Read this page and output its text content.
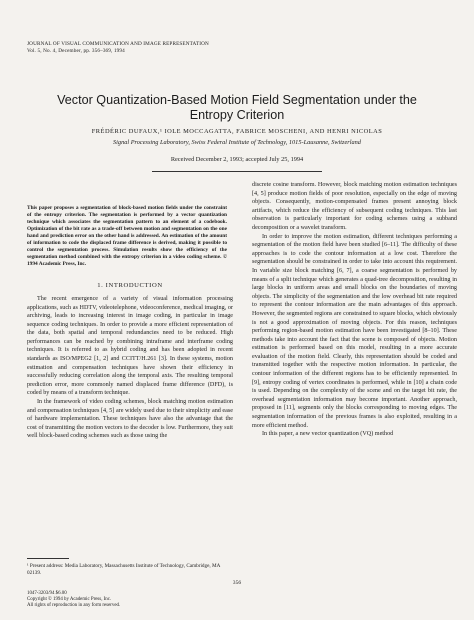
JOURNAL OF VISUAL COMMUNICATION AND IMAGE REPRESENTATION
Vol. 5, No. 4, December, pp. 356–369, 1994
Vector Quantization-Based Motion Field Segmentation under the
Entropy Criterion
FRÉDÉRIC DUFAUX,¹ IOLE MOCCAGATTA, FABRICE MOSCHENI, AND HENRI NICOLAS
Signal Processing Laboratory, Swiss Federal Institute of Technology, 1015-Lausanne, Switzerland
Received December 2, 1993; accepted July 25, 1994
This paper proposes a segmentation of block-based motion fields under the constraint of the entropy criterion. The segmentation is performed by a vector quantization technique which associates the segmentation pattern to an element of a codebook. Optimization of the bit rate as a trade-off between motion and segmentation on the one hand and prediction error on the other hand is addressed. An estimation of the amount of information to code the displaced frame difference is derived, making it possible to control the segmentation process. Simulation results show the efficiency of the segmentation method combined with the entropy criterion in a video coding scheme. © 1994 Academic Press, Inc.
1. INTRODUCTION

The recent emergence of a variety of visual information processing applications, such as HDTV, videotelephone, videoconference, medical imaging, or archiving, leads to increasing interest in image coding, in particular in image sequence coding techniques. In order to provide a more efficient representation of the data, both spatial and temporal redundancies need to be reduced. High performances can be reached by combining intraframe and interframe coding techniques. It is referred to as hybrid coding and has been adopted in recent standards as ISO/MPEG2 [1, 2] and CCITT/H.261 [3]. In these systems, motion estimation and compensation techniques have shown their efficiency in successfully reducing correlation along the temporal axis. The resulting temporal prediction error, more commonly named displaced frame difference (DFD), is coded by means of a transform technique.

In the framework of video coding schemes, block matching motion estimation and compensation techniques [4, 5] are widely used due to their simplicity and ease of hardware implementation. These techniques have also the advantage that the cost of transmitting the motion vectors to the decoder is low. Furthermore, they suit well block-based coding schemes such as those using the

discrete cosine transform. However, block matching motion estimation techniques [4, 5] produce motion fields of poor resolution, especially on the edge of moving objects. Consequently, motion-compensated frames present annoying block artifacts, which reduce the efficiency of subsequent coding techniques. This last observation is particularly important for coding schemes using a subband decomposition or a wavelet transform.

In order to improve the motion estimation, different techniques performing a segmentation of the motion field have been studied [6–11]. The difficulty of these approaches is to code the contour information at a low cost. Therefore the segmentation should be constrained in order to take into account this requirement. In variable size block matching [6, 7], a coarse segmentation is performed by means of a split technique which generates a quad-tree decomposition, resulting in large blocks in uniform areas and small blocks on the boundaries of moving objects. The simplicity of the segmentation and the low overhead bit rate required to represent the contour information are the main advantages of this approach. However, the segmented regions are constrained to square blocks, which obviously is not a good approximation of moving objects. For this reason, techniques performing region-based motion estimation have been investigated [8–10]. These methods take into account the fact that the scene is composed of objects. Motion estimation is performed based on this model, resulting in a more accurate evaluation of the motion field. Clearly, this representation should be coded and transmitted together with the respective motion information. In particular, the contour information of the different regions has to be efficiently represented. In [9], entropy coding of vertex coordinates is performed, while in [10] a chain code is used. Depending on the complexity of the scene and on the target bit rate, the overhead segmentation information may become important. Another approach, proposed in [11], segments only the blocks corresponding to moving edges. The segmentation information of the previous frames is also exploited, resulting in a more efficient method.

In this paper, a new vector quantization (VQ) method

¹ Present address: Media Laboratory, Massachusetts Institute of Technology, Cambridge, MA 02139.
356
1047-3203/94 $6.00
Copyright © 1994 by Academic Press, Inc.
All rights of reproduction in any form reserved.
